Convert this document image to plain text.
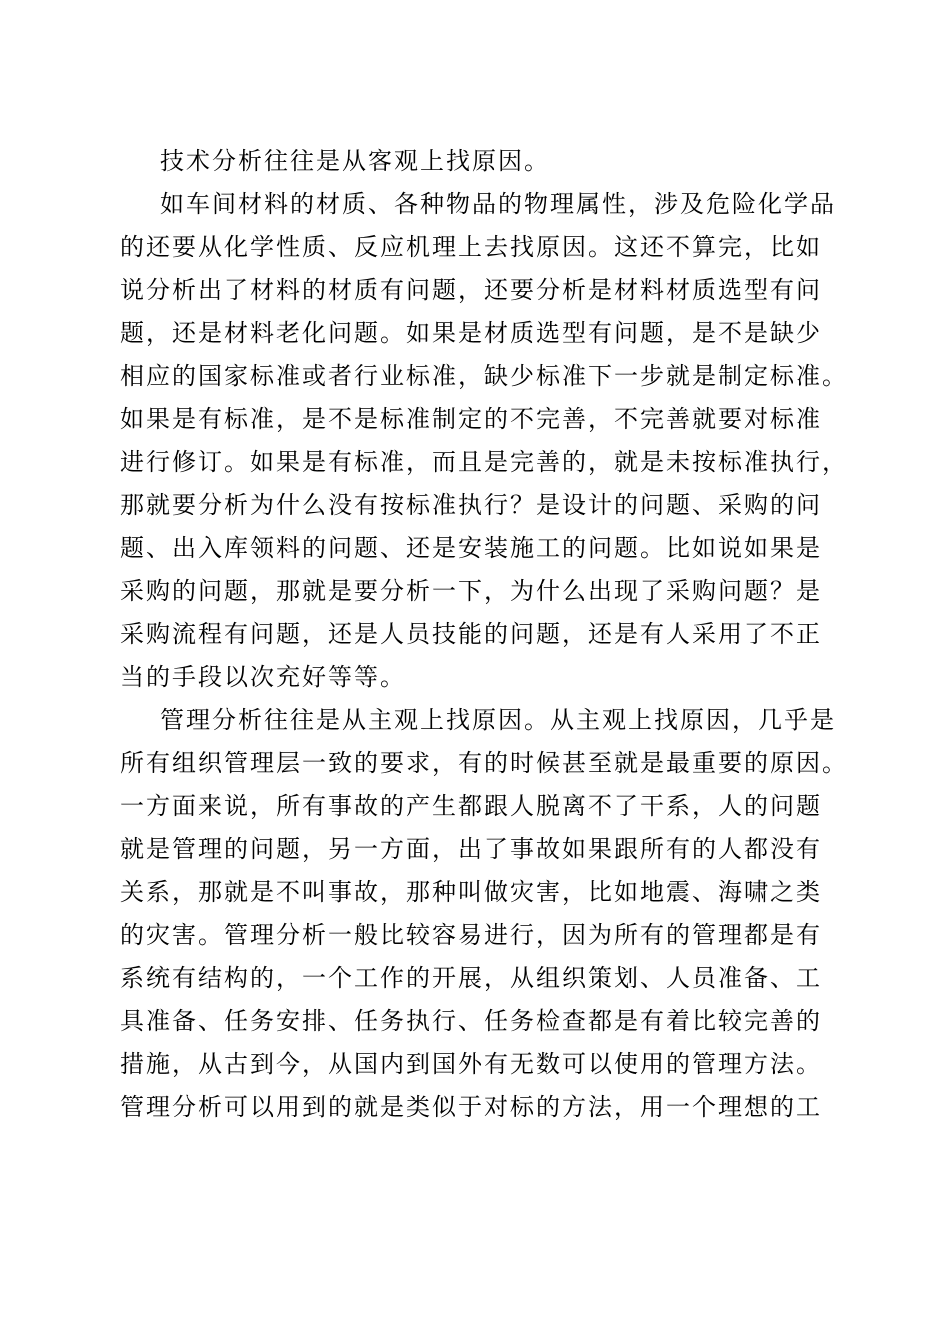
技术分析往往是从客观上找原因。
如车间材料的材质、各种物品的物理属性，涉及危险化学品
的还要从化学性质、反应机理上去找原因。这还不算完，比如
说分析出了材料的材质有问题，还要分析是材料材质选型有问
题，还是材料老化问题。如果是材质选型有问题，是不是缺少
相应的国家标准或者行业标准，缺少标准下一步就是制定标准。
如果是有标准，是不是标准制定的不完善，不完善就要对标准
进行修订。如果是有标准，而且是完善的，就是未按标准执行，
那就要分析为什么没有按标准执行？是设计的问题、采购的问
题、出入库领料的问题、还是安装施工的问题。比如说如果是
采购的问题，那就是要分析一下，为什么出现了采购问题？是
采购流程有问题，还是人员技能的问题，还是有人采用了不正
当的手段以次充好等等。
管理分析往往是从主观上找原因。从主观上找原因，几乎是
所有组织管理层一致的要求，有的时候甚至就是最重要的原因。
一方面来说，所有事故的产生都跟人脱离不了干系，人的问题
就是管理的问题，另一方面，出了事故如果跟所有的人都没有
关系，那就是不叫事故，那种叫做灾害，比如地震、海啸之类
的灾害。管理分析一般比较容易进行，因为所有的管理都是有
系统有结构的，一个工作的开展，从组织策划、人员准备、工
具准备、任务安排、任务执行、任务检查都是有着比较完善的
措施，从古到今，从国内到国外有无数可以使用的管理方法。
管理分析可以用到的就是类似于对标的方法，用一个理想的工
